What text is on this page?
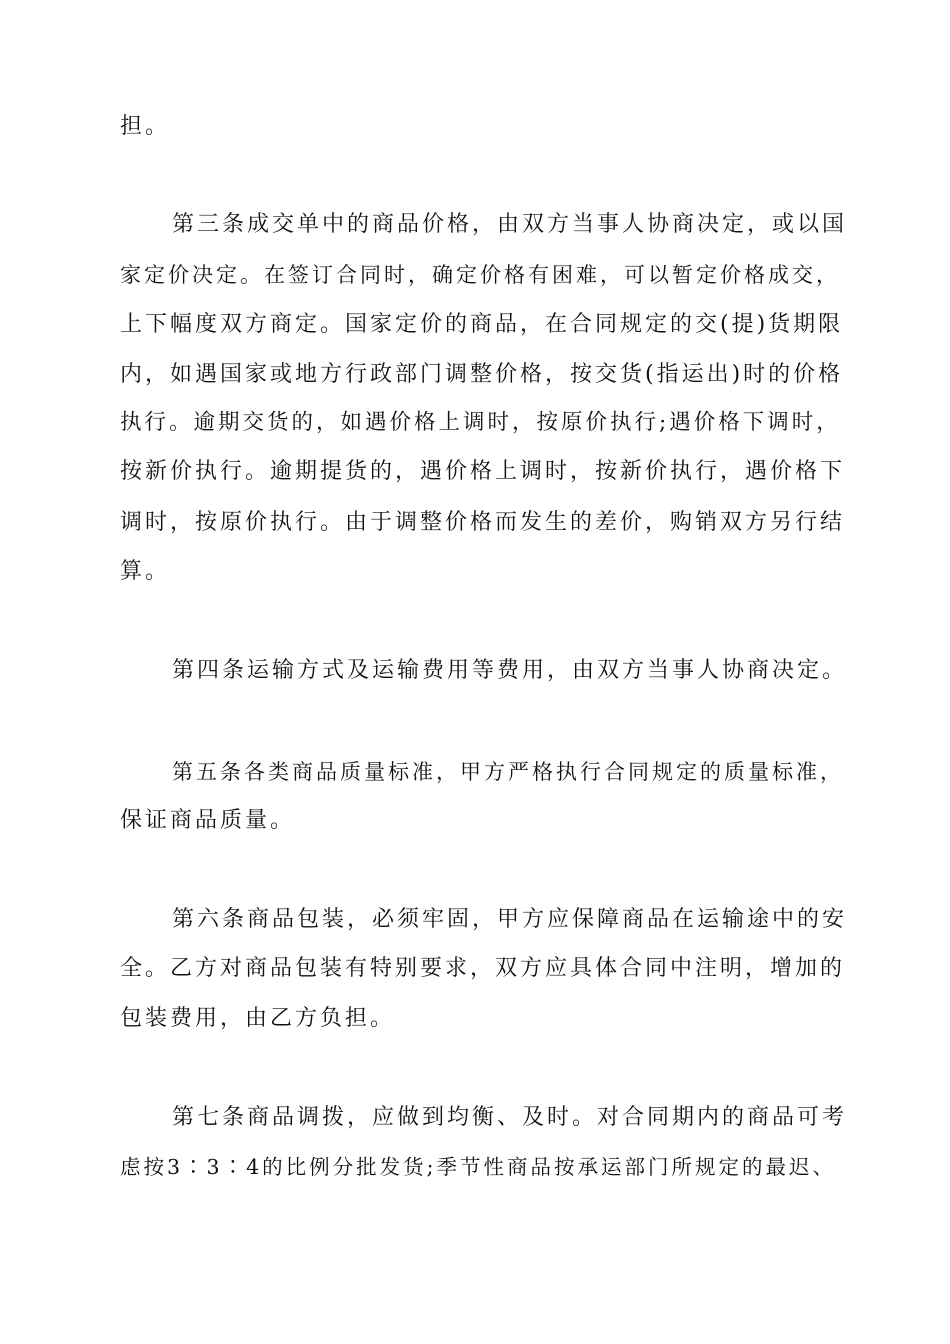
担。
第三条成交单中的商品价格，由双方当事人协商决定，或以国
家定价决定。在签订合同时，确定价格有困难，可以暂定价格成交，
上下幅度双方商定。国家定价的商品，在合同规定的交(提)货期限
内，如遇国家或地方行政部门调整价格，按交货(指运出)时的价格
执行。逾期交货的，如遇价格上调时，按原价执行;遇价格下调时，
按新价执行。逾期提货的，遇价格上调时，按新价执行，遇价格下
调时，按原价执行。由于调整价格而发生的差价，购销双方另行结
算。
第四条运输方式及运输费用等费用，由双方当事人协商决定。
第五条各类商品质量标准，甲方严格执行合同规定的质量标准，
保证商品质量。
第六条商品包装，必须牢固，甲方应保障商品在运输途中的安
全。乙方对商品包装有特别要求，双方应具体合同中注明，增加的
包装费用，由乙方负担。
第七条商品调拨，应做到均衡、及时。对合同期内的商品可考
虑按3∶3∶4的比例分批发货;季节性商品按承运部门所规定的最迟、
